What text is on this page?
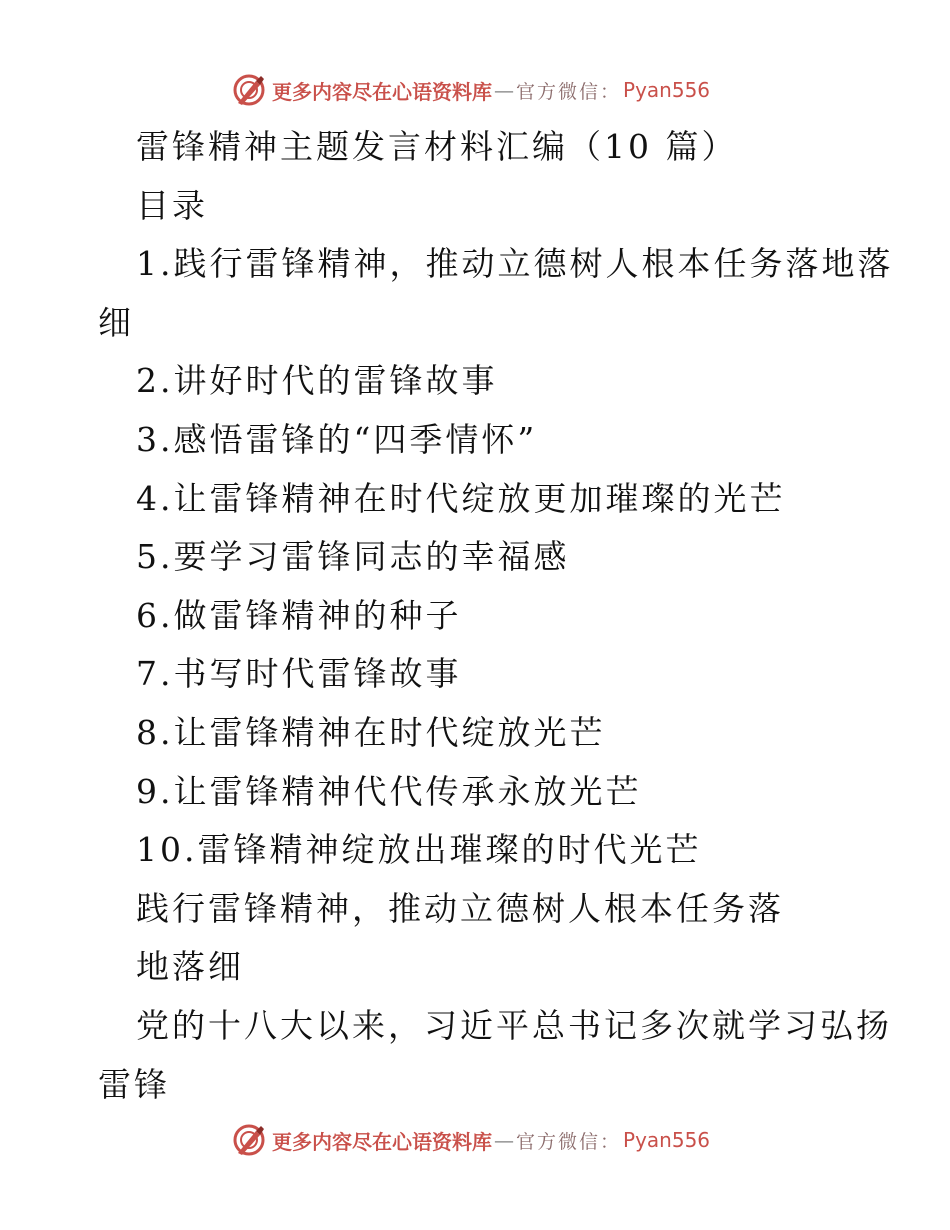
更多内容尽在心语资料库 — 官方微信： Pyan556
雷锋精神主题发言材料汇编（10 篇）
目录
1.践行雷锋精神，推动立德树人根本任务落地落
细
2.讲好时代的雷锋故事
3.感悟雷锋的“四季情怀”
4.让雷锋精神在时代绽放更加璀璨的光芒
5.要学习雷锋同志的幸福感
6.做雷锋精神的种子
7.书写时代雷锋故事
8.让雷锋精神在时代绽放光芒
9.让雷锋精神代代传承永放光芒
10.雷锋精神绽放出璀璨的时代光芒
践行雷锋精神，推动立德树人根本任务落
地落细
党的十八大以来，习近平总书记多次就学习弘扬
雷锋
更多内容尽在心语资料库 — 官方微信： Pyan556
